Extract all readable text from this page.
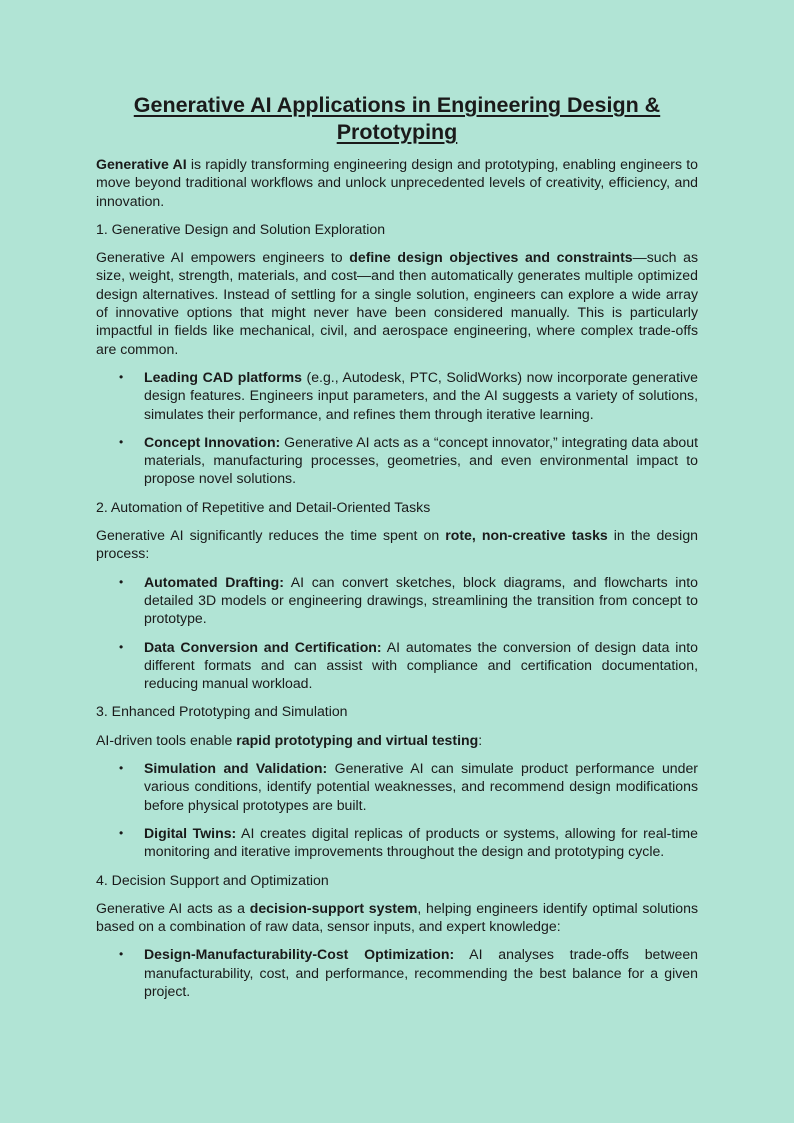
Generative AI Applications in Engineering Design & Prototyping

Generative AI is rapidly transforming engineering design and prototyping, enabling engineers to move beyond traditional workflows and unlock unprecedented levels of creativity, efficiency, and innovation.

1. Generative Design and Solution Exploration

Generative AI empowers engineers to define design objectives and constraints—such as size, weight, strength, materials, and cost—and then automatically generates multiple optimized design alternatives. Instead of settling for a single solution, engineers can explore a wide array of innovative options that might never have been considered manually. This is particularly impactful in fields like mechanical, civil, and aerospace engineering, where complex trade-offs are common.

• Leading CAD platforms (e.g., Autodesk, PTC, SolidWorks) now incorporate generative design features. Engineers input parameters, and the AI suggests a variety of solutions, simulates their performance, and refines them through iterative learning.
• Concept Innovation: Generative AI acts as a “concept innovator,” integrating data about materials, manufacturing processes, geometries, and even environmental impact to propose novel solutions.

2. Automation of Repetitive and Detail-Oriented Tasks

Generative AI significantly reduces the time spent on rote, non-creative tasks in the design process:

• Automated Drafting: AI can convert sketches, block diagrams, and flowcharts into detailed 3D models or engineering drawings, streamlining the transition from concept to prototype.
• Data Conversion and Certification: AI automates the conversion of design data into different formats and can assist with compliance and certification documentation, reducing manual workload.

3. Enhanced Prototyping and Simulation

AI-driven tools enable rapid prototyping and virtual testing:

• Simulation and Validation: Generative AI can simulate product performance under various conditions, identify potential weaknesses, and recommend design modifications before physical prototypes are built.
• Digital Twins: AI creates digital replicas of products or systems, allowing for real-time monitoring and iterative improvements throughout the design and prototyping cycle.

4. Decision Support and Optimization

Generative AI acts as a decision-support system, helping engineers identify optimal solutions based on a combination of raw data, sensor inputs, and expert knowledge:

• Design-Manufacturability-Cost Optimization: AI analyses trade-offs between manufacturability, cost, and performance, recommending the best balance for a given project.
